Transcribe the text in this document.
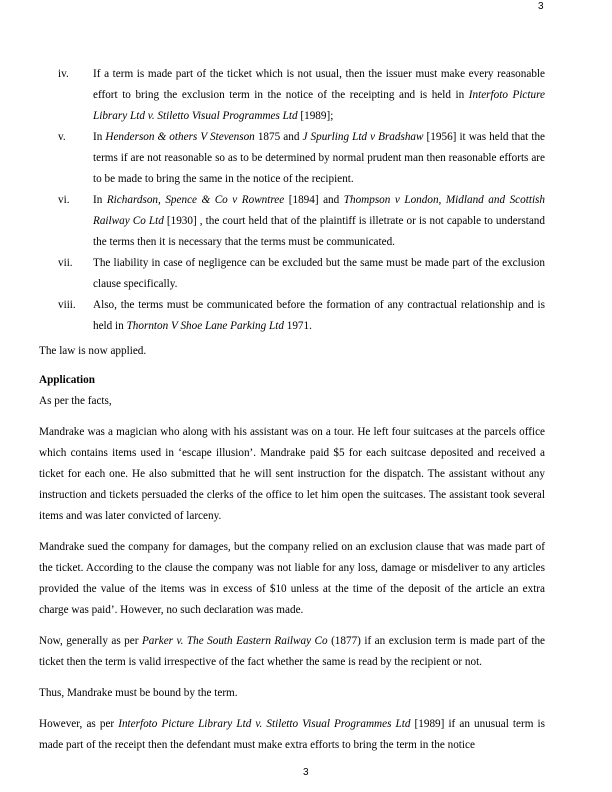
3
iv. If a term is made part of the ticket which is not usual, then the issuer must make every reasonable effort to bring the exclusion term in the notice of the receipting and is held in Interfoto Picture Library Ltd v. Stiletto Visual Programmes Ltd [1989];
v. In Henderson & others V Stevenson 1875 and J Spurling Ltd v Bradshaw [1956] it was held that the terms if are not reasonable so as to be determined by normal prudent man then reasonable efforts are to be made to bring the same in the notice of the recipient.
vi. In Richardson, Spence & Co v Rowntree [1894] and Thompson v London, Midland and Scottish Railway Co Ltd [1930] , the court held that of the plaintiff is illetrate or is not capable to understand the terms then it is necessary that the terms must be communicated.
vii. The liability in case of negligence can be excluded but the same must be made part of the exclusion clause specifically.
viii. Also, the terms must be communicated before the formation of any contractual relationship and is held in Thornton V Shoe Lane Parking Ltd 1971.

The law is now applied.

Application

As per the facts,

Mandrake was a magician who along with his assistant was on a tour. He left four suitcases at the parcels office which contains items used in ‘escape illusion’. Mandrake paid $5 for each suitcase deposited and received a ticket for each one. He also submitted that he will sent instruction for the dispatch. The assistant without any instruction and tickets persuaded the clerks of the office to let him open the suitcases. The assistant took several items and was later convicted of larceny.

Mandrake sued the company for damages, but the company relied on an exclusion clause that was made part of the ticket. According to the clause the company was not liable for any loss, damage or misdeliver to any articles provided the value of the items was in excess of $10 unless at the time of the deposit of the article an extra charge was paid’. However, no such declaration was made.

Now, generally as per Parker v. The South Eastern Railway Co (1877) if an exclusion term is made part of the ticket then the term is valid irrespective of the fact whether the same is read by the recipient or not.

Thus, Mandrake must be bound by the term.

However, as per Interfoto Picture Library Ltd v. Stiletto Visual Programmes Ltd [1989] if an unusual term is made part of the receipt then the defendant must make extra efforts to bring the term in the notice

3
